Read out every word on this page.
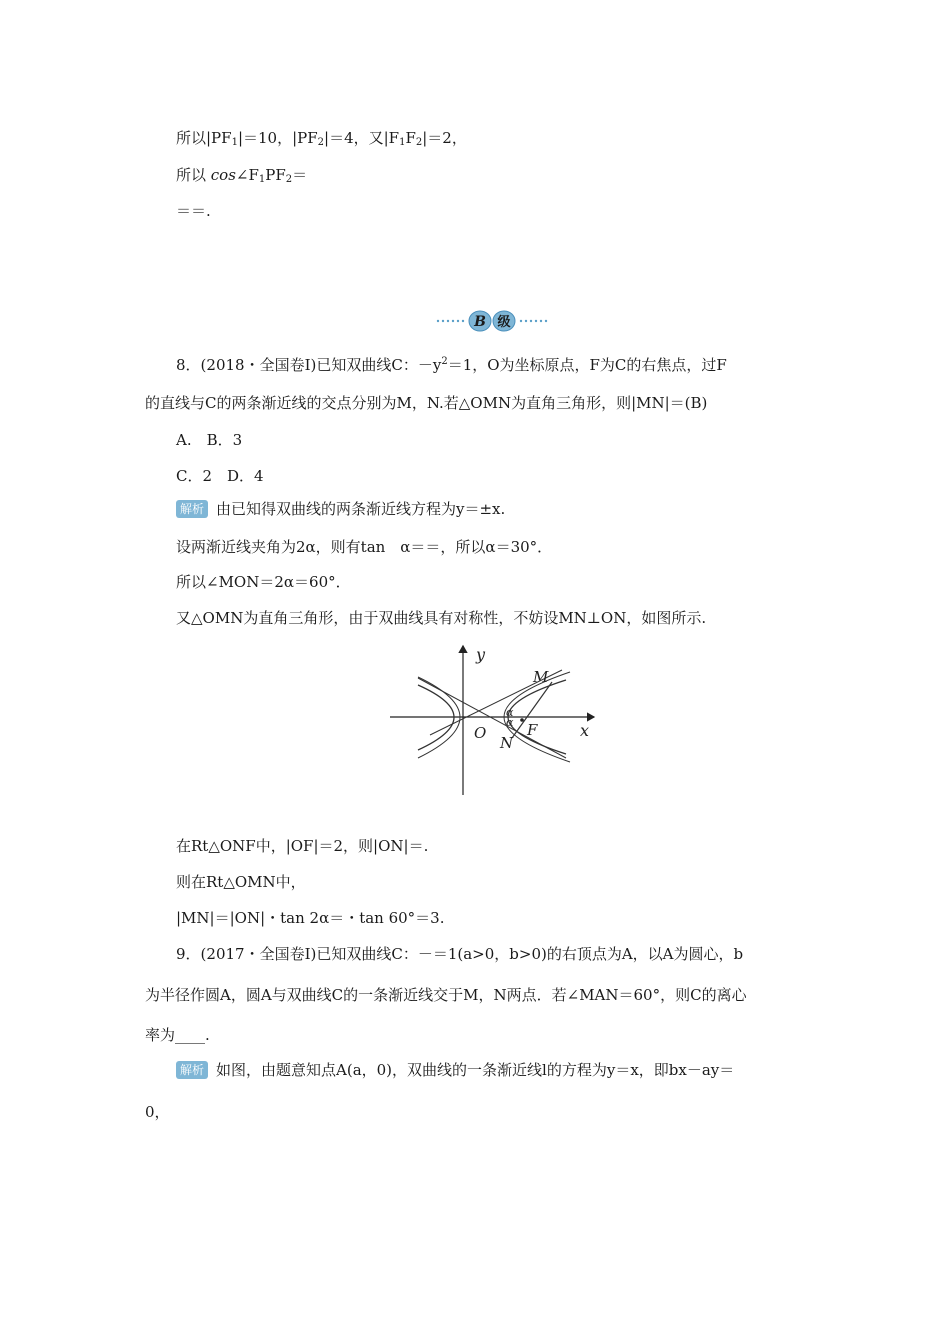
所以$|PF_1|=10$，$|PF_2|=4$，又$|F_1F_2|=2$，
所以 $\cos\angle F_1PF_2=$
＝＝.
B 级
8．(2018・全国卷Ⅰ)已知双曲线C：$-y^2=1$，O为坐标原点，F为C的右焦点，过F
的直线与C的两条渐近线的交点分别为M，N.若△OMN为直角三角形，则|MN|＝(B)
A.　B．3
C．2　D．4
解析 由已知得双曲线的两条渐近线方程为y＝±x.
设两渐近线夹角为2α，则有tan　α＝＝，所以α＝30°．
所以∠MON＝2α＝60°．
又△OMN为直角三角形，由于双曲线具有对称性，不妨设MN⊥ON，如图所示.
y
x
O
M
N
F
α
α
在Rt△ONF中，|OF|＝2，则|ON|＝.
则在Rt△OMN中，
|MN|＝|ON|・tan 2α＝・tan 60°＝3.
9．(2017・全国卷Ⅰ)已知双曲线C：－＝1(a>0，b>0)的右顶点为A，以A为圆心，b
为半径作圆A，圆A与双曲线C的一条渐近线交于M，N两点．若∠MAN＝60°，则C的离心
率为____.
解析 如图，由题意知点A(a，0)，双曲线的一条渐近线l的方程为y＝x，即bx－ay＝
0，
